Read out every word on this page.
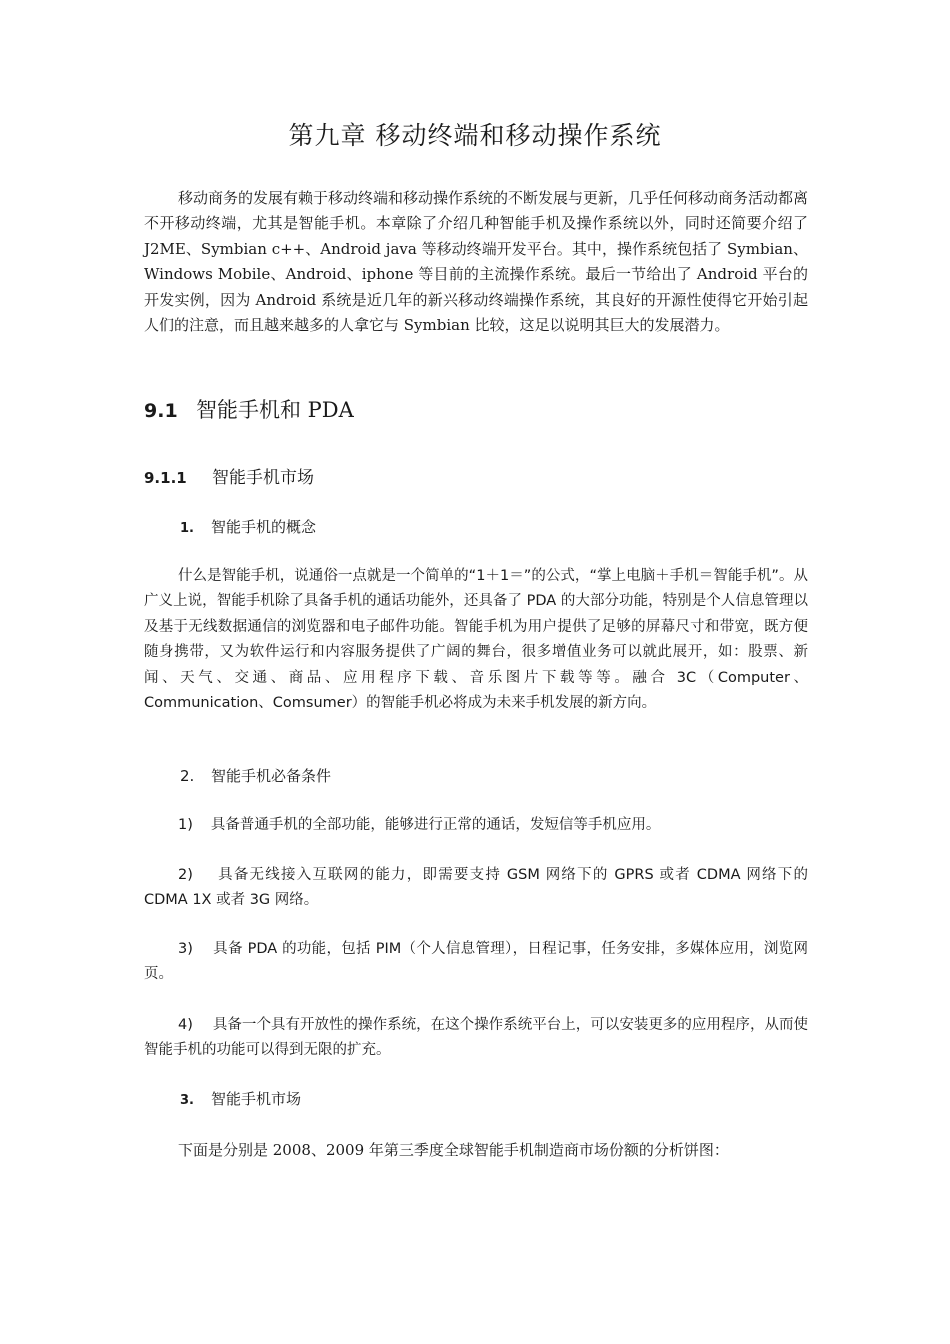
第九章 移动终端和移动操作系统

移动商务的发展有赖于移动终端和移动操作系统的不断发展与更新，几乎任何移动商务活动都离不开移动终端，尤其是智能手机。本章除了介绍几种智能手机及操作系统以外，同时还简要介绍了 J2ME、Symbian c++、Android java 等移动终端开发平台。其中，操作系统包括了 Symbian、Windows Mobile、Android、iphone 等目前的主流操作系统。最后一节给出了 Android 平台的开发实例，因为 Android 系统是近几年的新兴移动终端操作系统，其良好的开源性使得它开始引起人们的注意，而且越来越多的人拿它与 Symbian 比较，这足以说明其巨大的发展潜力。

9.1 智能手机和 PDA
9.1.1 智能手机市场
1. 智能手机的概念

什么是智能手机，说通俗一点就是一个简单的“1＋1＝”的公式，“掌上电脑＋手机＝智能手机”。从广义上说，智能手机除了具备手机的通话功能外，还具备了 PDA 的大部分功能，特别是个人信息管理以及基于无线数据通信的浏览器和电子邮件功能。智能手机为用户提供了足够的屏幕尺寸和带宽，既方便随身携带，又为软件运行和内容服务提供了广阔的舞台，很多增值业务可以就此展开，如：股票、新闻、天气、交通、商品、应用程序下载、音乐图片下载等等。融合 3C（Computer、Communication、Comsumer）的智能手机必将成为未来手机发展的新方向。

2. 智能手机必备条件

1) 具备普通手机的全部功能，能够进行正常的通话，发短信等手机应用。

2) 具备无线接入互联网的能力，即需要支持 GSM 网络下的 GPRS 或者 CDMA 网络下的 CDMA 1X 或者 3G 网络。

3) 具备 PDA 的功能，包括 PIM（个人信息管理），日程记事，任务安排，多媒体应用，浏览网页。

4) 具备一个具有开放性的操作系统，在这个操作系统平台上，可以安装更多的应用程序，从而使智能手机的功能可以得到无限的扩充。

3. 智能手机市场

下面是分别是 2008、2009 年第三季度全球智能手机制造商市场份额的分析饼图：
